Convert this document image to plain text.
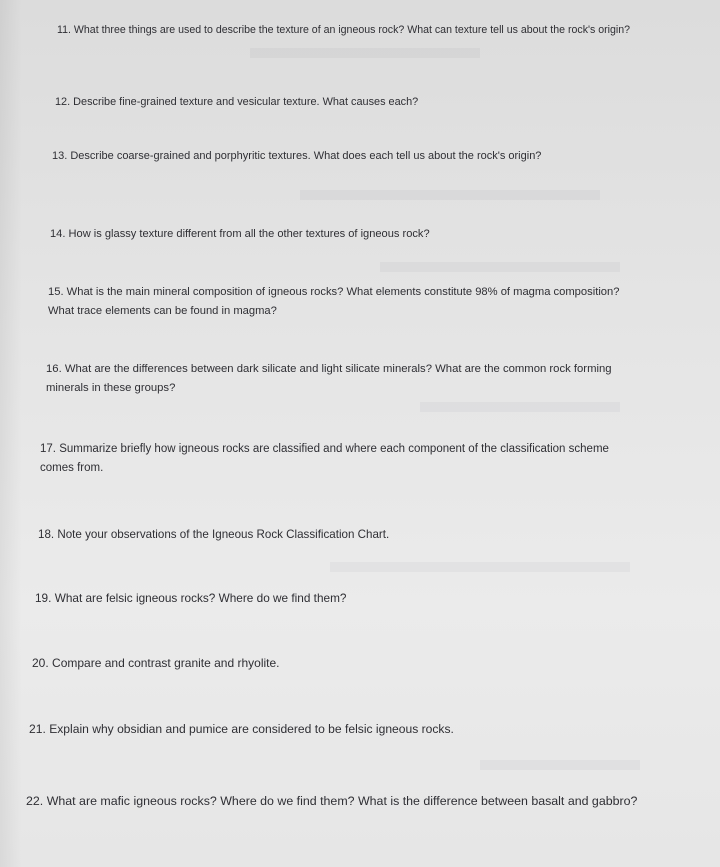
11. What three things are used to describe the texture of an igneous rock? What can texture tell us about the rock's origin?

12. Describe fine-grained texture and vesicular texture. What causes each?

13. Describe coarse-grained and porphyritic textures. What does each tell us about the rock's origin?

14. How is glassy texture different from all the other textures of igneous rock?

15. What is the main mineral composition of igneous rocks? What elements constitute 98% of magma composition? What trace elements can be found in magma?

16. What are the differences between dark silicate and light silicate minerals? What are the common rock forming minerals in these groups?

17. Summarize briefly how igneous rocks are classified and where each component of the classification scheme comes from.

18. Note your observations of the Igneous Rock Classification Chart.

19. What are felsic igneous rocks? Where do we find them?

20. Compare and contrast granite and rhyolite.

21. Explain why obsidian and pumice are considered to be felsic igneous rocks.

22. What are mafic igneous rocks? Where do we find them? What is the difference between basalt and gabbro?
